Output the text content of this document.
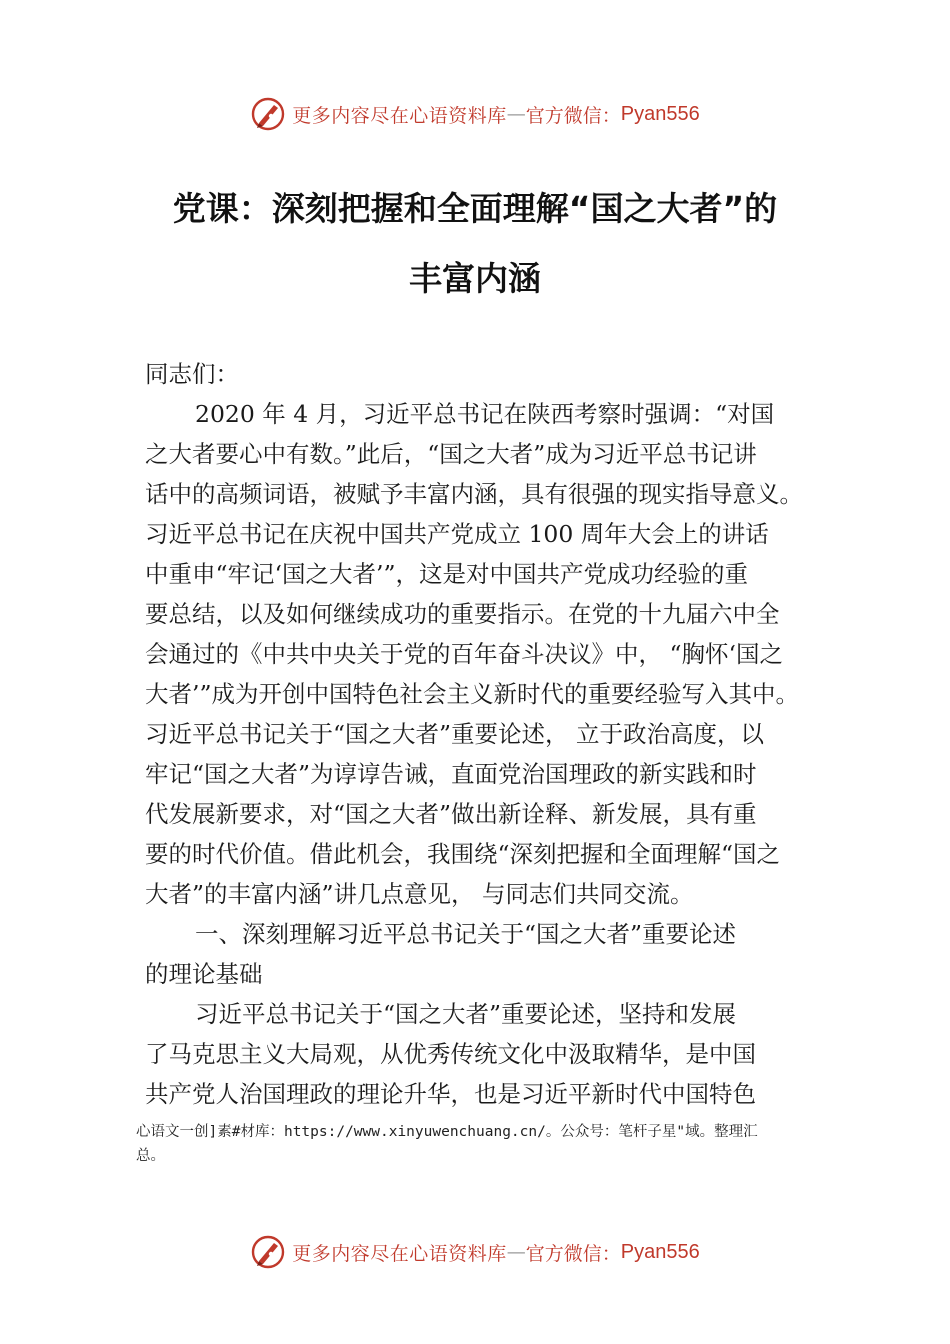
更多内容尽在心语资料库 — 官方微信： Pyan556
党课：深刻把握和全面理解“国之大者”的
丰富内涵
同志们：
2020 年 4 月，习近平总书记在陕西考察时强调：“对国
之大者要心中有数。”此后，“国之大者”成为习近平总书记讲
话中的高频词语，被赋予丰富内涵，具有很强的现实指导意义。
习近平总书记在庆祝中国共产党成立 100 周年大会上的讲话
中重申“牢记‘国之大者’”，这是对中国共产党成功经验的重
要总结，以及如何继续成功的重要指示。在党的十九届六中全
会通过的《中共中央关于党的百年奋斗决议》中， “胸怀‘国之
大者’”成为开创中国特色社会主义新时代的重要经验写入其中。
习近平总书记关于“国之大者”重要论述， 立于政治高度，以
牢记“国之大者”为谆谆告诫，直面党治国理政的新实践和时
代发展新要求，对“国之大者”做出新诠释、新发展，具有重
要的时代价值。借此机会，我围绕“深刻把握和全面理解“国之
大者”的丰富内涵”讲几点意见， 与同志们共同交流。
一、深刻理解习近平总书记关于“国之大者”重要论述
的理论基础
习近平总书记关于“国之大者”重要论述，坚持和发展
了马克思主义大局观，从优秀传统文化中汲取精华，是中国
共产党人治国理政的理论升华，也是习近平新时代中国特色
心语文一创]素#材库：https://www.xinyuwenchuang.cn/。公众号：笔杆子星"域。整理汇
总。
更多内容尽在心语资料库 — 官方微信： Pyan556
